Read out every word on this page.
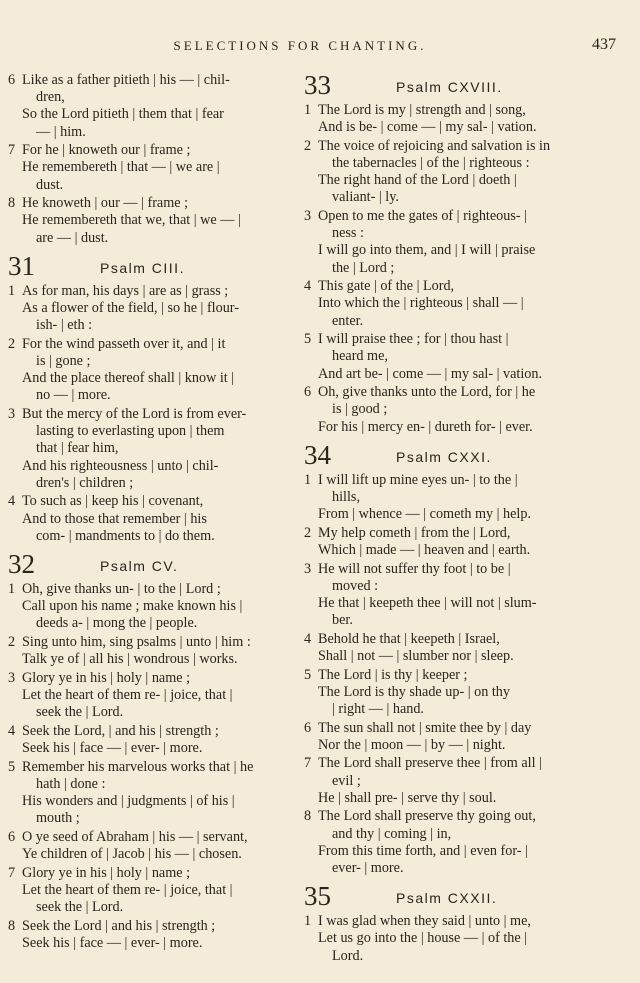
SELECTIONS FOR CHANTING.	437
6 Like as a father pitieth | his — | chil-
dren,
So the Lord pitieth | them that | fear
— | him.
7 For he | knoweth our | frame ;
He remembereth | that — | we are |
dust.
8 He knoweth | our — | frame ;
He remembereth that we, that | we — |
are — | dust.
31	Psalm CIII.
1 As for man, his days | are as | grass ;
As a flower of the field, | so he | flour-
ish- | eth :
2 For the wind passeth over it, and | it
is | gone ;
And the place thereof shall | know it |
no — | more.
3 But the mercy of the Lord is from ever-
lasting to everlasting upon | them
that | fear him,
And his righteousness | unto | chil-
dren's | children ;
4 To such as | keep his | covenant,
And to those that remember | his
com- | mandments to | do them.
32	Psalm CV.
1 Oh, give thanks un- | to the | Lord ;
Call upon his name ; make known his |
deeds a- | mong the | people.
2 Sing unto him, sing psalms | unto | him :
Talk ye of | all his | wondrous | works.
3 Glory ye in his | holy | name ;
Let the heart of them re- | joice, that |
seek the | Lord.
4 Seek the Lord, | and his | strength ;
Seek his | face — | ever- | more.
5 Remember his marvelous works that | he
hath | done :
His wonders and | judgments | of his |
mouth ;
6 O ye seed of Abraham | his — | servant,
Ye children of | Jacob | his — | chosen.
7 Glory ye in his | holy | name ;
Let the heart of them re- | joice, that |
seek the | Lord.
8 Seek the Lord | and his | strength ;
Seek his | face — | ever- | more.
33	Psalm CXVIII.
1 The Lord is my | strength and | song,
And is be- | come — | my sal- | vation.
2 The voice of rejoicing and salvation is in
the tabernacles | of the | righteous :
The right hand of the Lord | doeth |
valiant- | ly.
3 Open to me the gates of | righteous- |
ness :
I will go into them, and | I will | praise
the | Lord ;
4 This gate | of the | Lord,
Into which the | righteous | shall — |
enter.
5 I will praise thee ; for | thou hast |
heard me,
And art be- | come — | my sal- | vation.
6 Oh, give thanks unto the Lord, for | he
is | good ;
For his | mercy en- | dureth for- | ever.
34	Psalm CXXI.
1 I will lift up mine eyes un- | to the |
hills,
From | whence — | cometh my | help.
2 My help cometh | from the | Lord,
Which | made — | heaven and | earth.
3 He will not suffer thy foot | to be |
moved :
He that | keepeth thee | will not | slum-
ber.
4 Behold he that | keepeth | Israel,
Shall | not — | slumber nor | sleep.
5 The Lord | is thy | keeper ;
The Lord is thy shade up- | on thy
| right — | hand.
6 The sun shall not | smite thee by | day
Nor the | moon — | by — | night.
7 The Lord shall preserve thee | from all |
evil ;
He | shall pre- | serve thy | soul.
8 The Lord shall preserve thy going out,
and thy | coming | in,
From this time forth, and | even for- |
ever- | more.
35	Psalm CXXII.
1 I was glad when they said | unto | me,
Let us go into the | house — | of the |
Lord.
